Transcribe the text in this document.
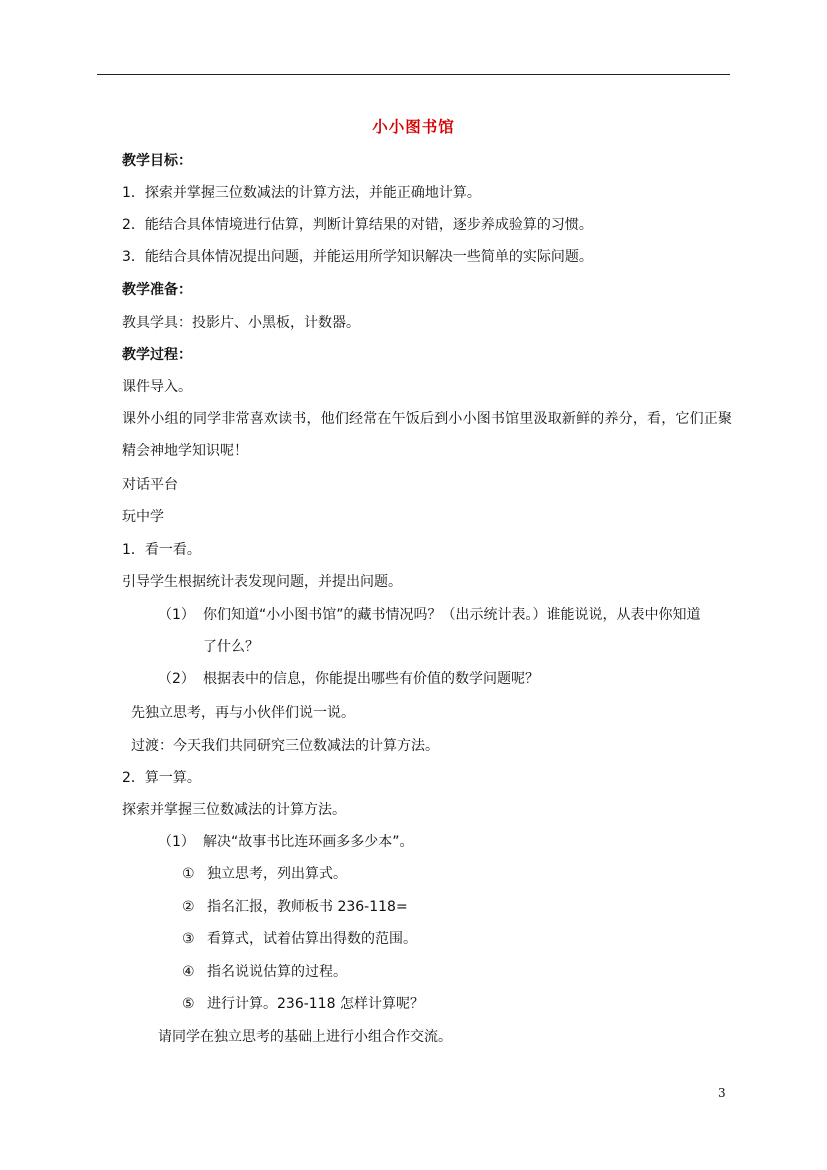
小小图书馆
教学目标：
1．探索并掌握三位数减法的计算方法，并能正确地计算。
2．能结合具体情境进行估算，判断计算结果的对错，逐步养成验算的习惯。
3．能结合具体情况提出问题，并能运用所学知识解决一些简单的实际问题。
教学准备：
教具学具：投影片、小黑板，计数器。
教学过程：
课件导入。
课外小组的同学非常喜欢读书，他们经常在午饭后到小小图书馆里汲取新鲜的养分，看，它们正聚精会神地学知识呢！
对话平台
玩中学
1．看一看。
引导学生根据统计表发现问题，并提出问题。
（1） 你们知道“小小图书馆”的藏书情况吗？（出示统计表。）谁能说说，从表中你知道
了什么？
（2） 根据表中的信息，你能提出哪些有价值的数学问题呢？
先独立思考，再与小伙伴们说一说。
过渡：今天我们共同研究三位数减法的计算方法。
2．算一算。
探索并掌握三位数减法的计算方法。
（1） 解决“故事书比连环画多多少本”。
① 独立思考，列出算式。
② 指名汇报，教师板书 236-118=
③ 看算式，试着估算出得数的范围。
④ 指名说说估算的过程。
⑤ 进行计算。236-118 怎样计算呢？
请同学在独立思考的基础上进行小组合作交流。
3
